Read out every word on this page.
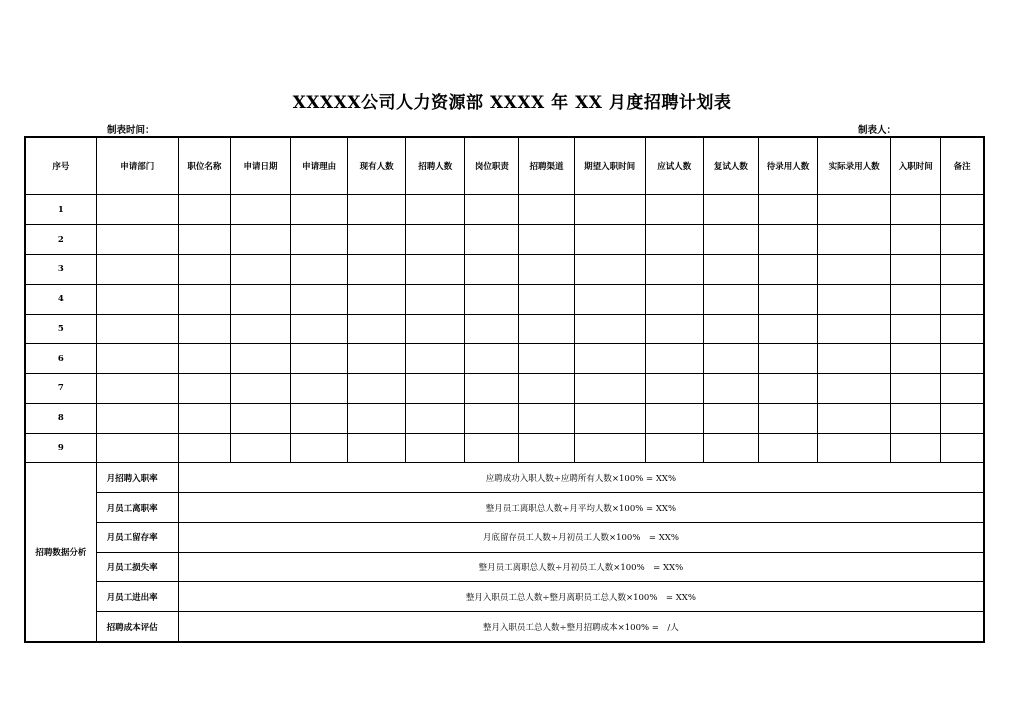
XXXXX公司人力资源部 XXXX 年 XX 月度招聘计划表
制表时间：	制表人：
序号	申请部门	职位名称	申请日期	申请理由	现有人数	招聘人数	岗位职责	招聘渠道	期望入职时间	应试人数	复试人数	待录用人数	实际录用人数	入职时间	备注
1															
2															
3															
4															
5															
6															
7															
8															
9															
招聘数据分析	月招聘入职率	应聘成功入职人数÷应聘所有人数×100% = XX%													
	月员工离职率	整月员工离职总人数÷月平均人数×100% = XX%													
	月员工留存率	月底留存员工人数÷月初员工人数×100%　= XX%													
	月员工损失率	整月员工离职总人数÷月初员工人数×100%　= XX%													
	月员工进出率	整月入职员工总人数÷整月离职员工总人数×100%　= XX%													
	招聘成本评估	整月入职员工总人数÷整月招聘成本×100% =　/人													
